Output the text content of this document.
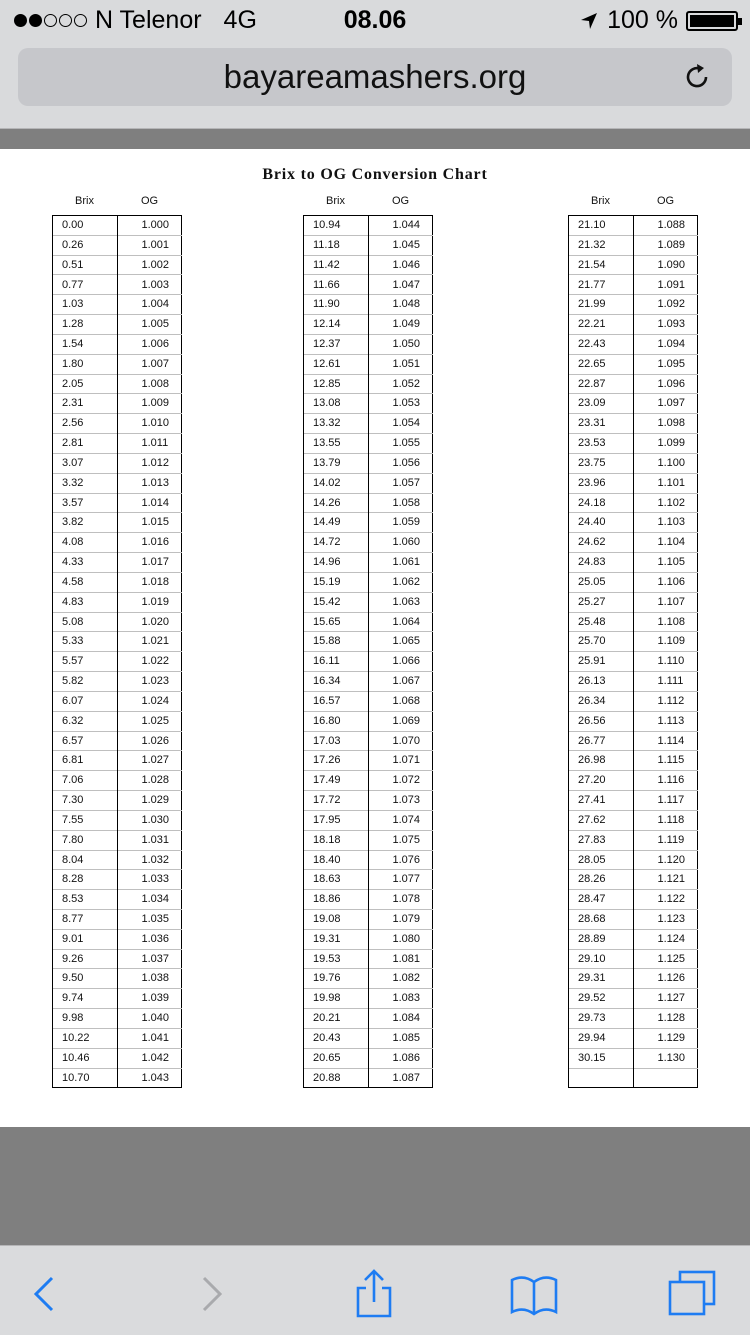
N Telenor 4G	08.06	100 %
bayareamashers.org
Brix to OG Conversion Chart
Brix	OG
0.00	1.000
0.26	1.001
0.51	1.002
0.77	1.003
1.03	1.004
1.28	1.005
1.54	1.006
1.80	1.007
2.05	1.008
2.31	1.009
2.56	1.010
2.81	1.011
3.07	1.012
3.32	1.013
3.57	1.014
3.82	1.015
4.08	1.016
4.33	1.017
4.58	1.018
4.83	1.019
5.08	1.020
5.33	1.021
5.57	1.022
5.82	1.023
6.07	1.024
6.32	1.025
6.57	1.026
6.81	1.027
7.06	1.028
7.30	1.029
7.55	1.030
7.80	1.031
8.04	1.032
8.28	1.033
8.53	1.034
8.77	1.035
9.01	1.036
9.26	1.037
9.50	1.038
9.74	1.039
9.98	1.040
10.22	1.041
10.46	1.042
10.70	1.043
Brix	OG
10.94	1.044
11.18	1.045
11.42	1.046
11.66	1.047
11.90	1.048
12.14	1.049
12.37	1.050
12.61	1.051
12.85	1.052
13.08	1.053
13.32	1.054
13.55	1.055
13.79	1.056
14.02	1.057
14.26	1.058
14.49	1.059
14.72	1.060
14.96	1.061
15.19	1.062
15.42	1.063
15.65	1.064
15.88	1.065
16.11	1.066
16.34	1.067
16.57	1.068
16.80	1.069
17.03	1.070
17.26	1.071
17.49	1.072
17.72	1.073
17.95	1.074
18.18	1.075
18.40	1.076
18.63	1.077
18.86	1.078
19.08	1.079
19.31	1.080
19.53	1.081
19.76	1.082
19.98	1.083
20.21	1.084
20.43	1.085
20.65	1.086
20.88	1.087
Brix	OG
21.10	1.088
21.32	1.089
21.54	1.090
21.77	1.091
21.99	1.092
22.21	1.093
22.43	1.094
22.65	1.095
22.87	1.096
23.09	1.097
23.31	1.098
23.53	1.099
23.75	1.100
23.96	1.101
24.18	1.102
24.40	1.103
24.62	1.104
24.83	1.105
25.05	1.106
25.27	1.107
25.48	1.108
25.70	1.109
25.91	1.110
26.13	1.111
26.34	1.112
26.56	1.113
26.77	1.114
26.98	1.115
27.20	1.116
27.41	1.117
27.62	1.118
27.83	1.119
28.05	1.120
28.26	1.121
28.47	1.122
28.68	1.123
28.89	1.124
29.10	1.125
29.31	1.126
29.52	1.127
29.73	1.128
29.94	1.129
30.15	1.130
